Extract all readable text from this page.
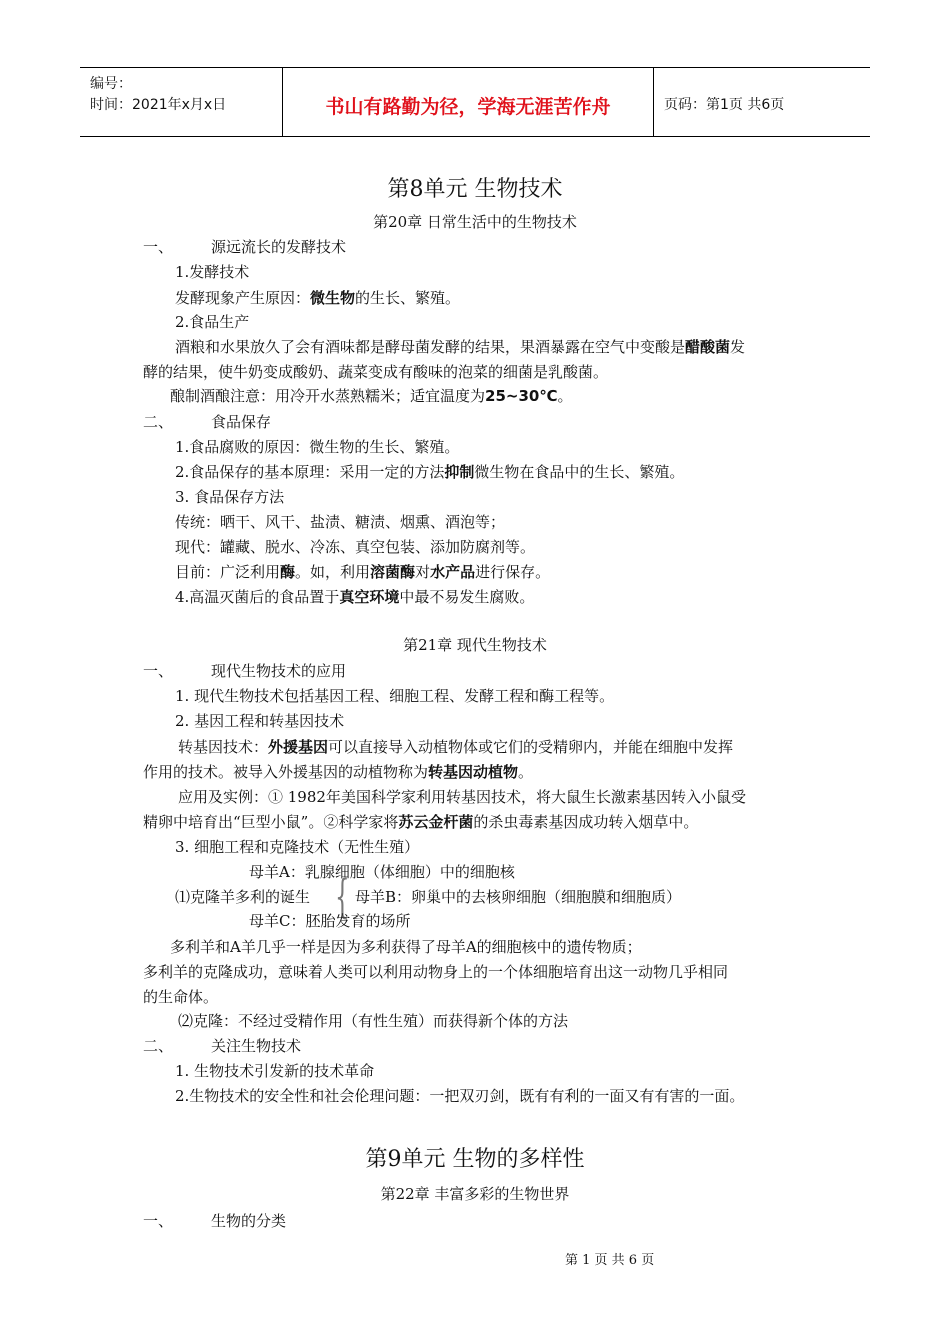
编号：
时间：2021年x月x日	书山有路勤为径，学海无涯苦作舟	页码：第1页 共6页
第8单元 生物技术
第20章 日常生活中的生物技术
一、	源远流长的发酵技术
1.发酵技术
发酵现象产生原因：微生物的生长、繁殖。
2.食品生产
酒粮和水果放久了会有酒味都是酵母菌发酵的结果，果酒暴露在空气中变酸是醋酸菌发
酵的结果，使牛奶变成酸奶、蔬菜变成有酸味的泡菜的细菌是乳酸菌。
酿制酒酿注意：用冷开水蒸熟糯米；适宜温度为25~30℃。
二、	食品保存
1.食品腐败的原因：微生物的生长、繁殖。
2.食品保存的基本原理：采用一定的方法抑制微生物在食品中的生长、繁殖。
3. 食品保存方法
传统：晒干、风干、盐渍、糖渍、烟熏、酒泡等；
现代：罐藏、脱水、冷冻、真空包装、添加防腐剂等。
目前：广泛利用酶。如，利用溶菌酶对水产品进行保存。
4.高温灭菌后的食品置于真空环境中最不易发生腐败。
第21章 现代生物技术
一、	现代生物技术的应用
1. 现代生物技术包括基因工程、细胞工程、发酵工程和酶工程等。
2. 基因工程和转基因技术
转基因技术：外援基因可以直接导入动植物体或它们的受精卵内，并能在细胞中发挥
作用的技术。被导入外援基因的动植物称为转基因动植物。
应用及实例：① 1982年美国科学家利用转基因技术，将大鼠生长激素基因转入小鼠受
精卵中培育出“巨型小鼠”。②科学家将苏云金杆菌的杀虫毒素基因成功转入烟草中。
3. 细胞工程和克隆技术（无性生殖）
母羊A：乳腺细胞（体细胞）中的细胞核
⑴克隆羊多利的诞生 { 母羊B：卵巢中的去核卵细胞（细胞膜和细胞质）
母羊C：胚胎发育的场所
多利羊和A羊几乎一样是因为多利获得了母羊A的细胞核中的遗传物质；
多利羊的克隆成功，意味着人类可以利用动物身上的一个体细胞培育出这一动物几乎相同
的生命体。
⑵克隆：不经过受精作用（有性生殖）而获得新个体的方法
二、	关注生物技术
1. 生物技术引发新的技术革命
2.生物技术的安全性和社会伦理问题：一把双刃剑，既有有利的一面又有有害的一面。
第9单元 生物的多样性
第22章 丰富多彩的生物世界
一、	生物的分类
第 1 页 共 6 页
